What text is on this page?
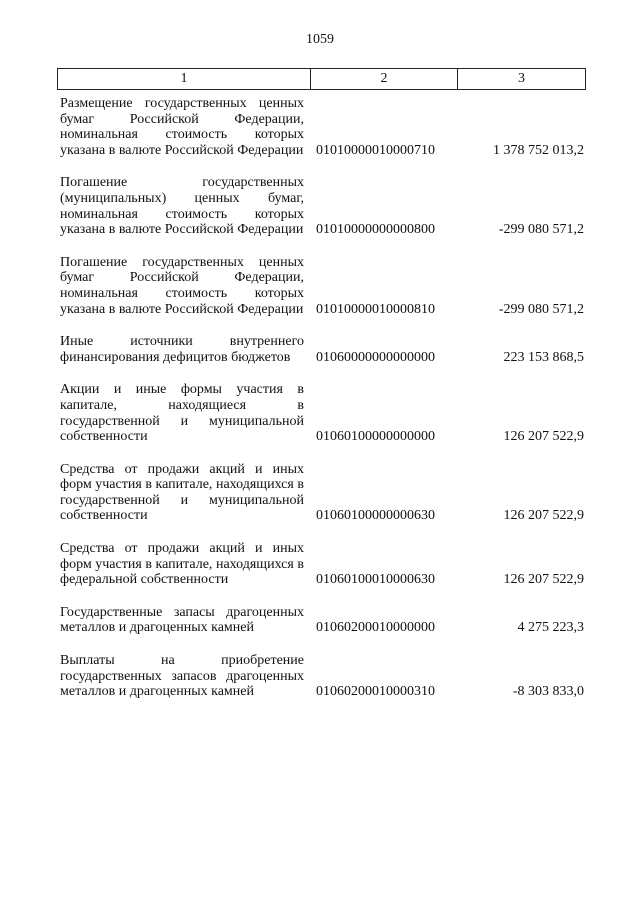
1059
1	2	3
Размещение государственных ценных бумаг Российской Федерации, номинальная стоимость которых указана в валюте Российской Федерации 01010000010000710	1 378 752 013,2
Погашение государственных (муниципальных) ценных бумаг, номинальная стоимость которых указана в валюте Российской Федерации 01010000000000800	-299 080 571,2
Погашение государственных ценных бумаг Российской Федерации, номинальная стоимость которых указана в валюте Российской Федерации 01010000010000810	-299 080 571,2
Иные источники внутреннего финансирования дефицитов бюджетов	01060000000000000	223 153 868,5
Акции и иные формы участия в капитале, находящиеся в государственной и муниципальной собственности	01060100000000000	126 207 522,9
Средства от продажи акций и иных форм участия в капитале, находящихся в государственной и муниципальной собственности	01060100000000630	126 207 522,9
Средства от продажи акций и иных форм участия в капитале, находящихся в федеральной собственности	01060100010000630	126 207 522,9
Государственные запасы драгоценных металлов и драгоценных камней	01060200010000000	4 275 223,3
Выплаты на приобретение государственных запасов драгоценных металлов и драгоценных камней	01060200010000310	-8 303 833,0
